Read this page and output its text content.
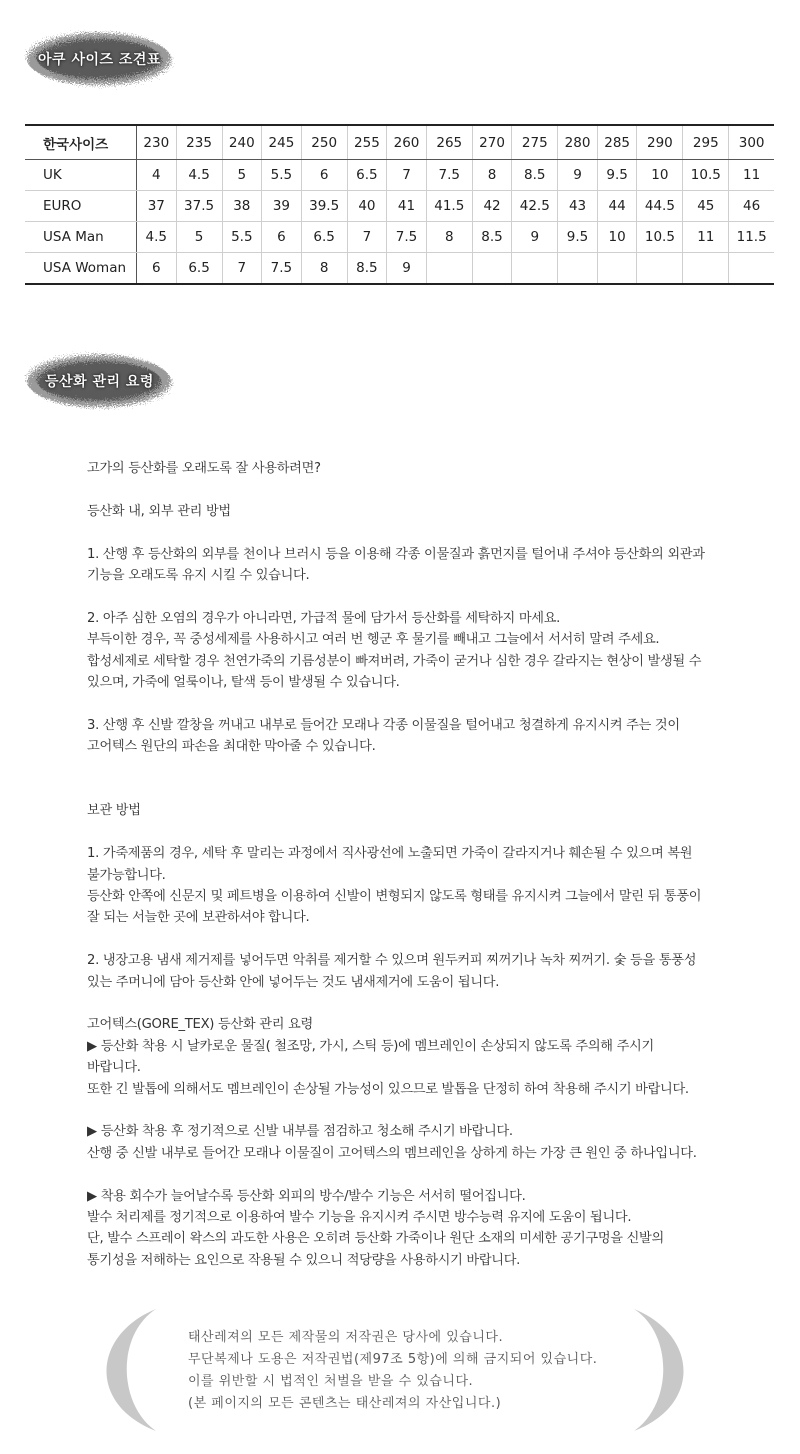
아쿠 사이즈 조견표
한국사이즈	230	235	240	245	250	255	260	265	270	275	280	285	290	295	300
UK	4	4.5	5	5.5	6	6.5	7	7.5	8	8.5	9	9.5	10	10.5	11
EURO	37	37.5	38	39	39.5	40	41	41.5	42	42.5	43	44	44.5	45	46
USA Man	4.5	5	5.5	6	6.5	7	7.5	8	8.5	9	9.5	10	10.5	11	11.5
USA Woman	6	6.5	7	7.5	8	8.5	9								
등산화 관리 요령

고가의 등산화를 오래도록 잘 사용하려면?

등산화 내, 외부 관리 방법

1. 산행 후 등산화의 외부를 천이나 브러시 등을 이용해 각종 이물질과 흙먼지를 털어내 주셔야 등산화의 외관과

기능을 오래도록 유지 시킬 수 있습니다.

2. 아주 심한 오염의 경우가 아니라면, 가급적 물에 담가서 등산화를 세탁하지 마세요.

부득이한 경우, 꼭 중성세제를 사용하시고 여러 번 헹군 후 물기를 빼내고 그늘에서 서서히 말려 주세요.

합성세제로 세탁할 경우 천연가죽의 기름성분이 빠져버려, 가죽이 굳거나 심한 경우 갈라지는 현상이 발생될 수

있으며, 가죽에 얼룩이나, 탈색 등이 발생될 수 있습니다.

3. 산행 후 신발 깔창을 꺼내고 내부로 들어간 모래나 각종 이물질을 털어내고 청결하게 유지시켜 주는 것이

고어텍스 원단의 파손을 최대한 막아줄 수 있습니다.

보관 방법

1. 가죽제품의 경우, 세탁 후 말리는 과정에서 직사광선에 노출되면 가죽이 갈라지거나 훼손될 수 있으며 복원

불가능합니다.

등산화 안쪽에 신문지 및 페트병을 이용하여 신발이 변형되지 않도록 형태를 유지시켜 그늘에서 말린 뒤 통풍이

잘 되는 서늘한 곳에 보관하셔야 합니다.

2. 냉장고용 냄새 제거제를 넣어두면 악취를 제거할 수 있으며 원두커피 찌꺼기나 녹차 찌꺼기. 숯 등을 통풍성

있는 주머니에 담아 등산화 안에 넣어두는 것도 냄새제거에 도움이 됩니다.

고어텍스(GORE_TEX) 등산화 관리 요령

▶ 등산화 착용 시 날카로운 물질( 철조망, 가시, 스틱 등)에 멤브레인이 손상되지 않도록 주의해 주시기

바랍니다.

또한 긴 발톱에 의해서도 멤브레인이 손상될 가능성이 있으므로 발톱을 단정히 하여 착용해 주시기 바랍니다.

▶ 등산화 착용 후 정기적으로 신발 내부를 점검하고 청소해 주시기 바랍니다.

산행 중 신발 내부로 들어간 모래나 이물질이 고어텍스의 멤브레인을 상하게 하는 가장 큰 원인 중 하나입니다.

▶ 착용 회수가 늘어날수록 등산화 외피의 방수/발수 기능은 서서히 떨어집니다.

발수 처리제를 정기적으로 이용하여 발수 기능을 유지시켜 주시면 방수능력 유지에 도움이 됩니다.

단, 발수 스프레이 왁스의 과도한 사용은 오히려 등산화 가죽이나 원단 소재의 미세한 공기구멍을 신발의

통기성을 저해하는 요인으로 작용될 수 있으니 적당량을 사용하시기 바랍니다.

태산레져의 모든 제작물의 저작권은 당사에 있습니다.

무단복제나 도용은 저작권법(제97조 5항)에 의해 금지되어 있습니다.

이를 위반할 시 법적인 처벌을 받을 수 있습니다.

(본 페이지의 모든 콘텐츠는 태산레져의 자산입니다.)
